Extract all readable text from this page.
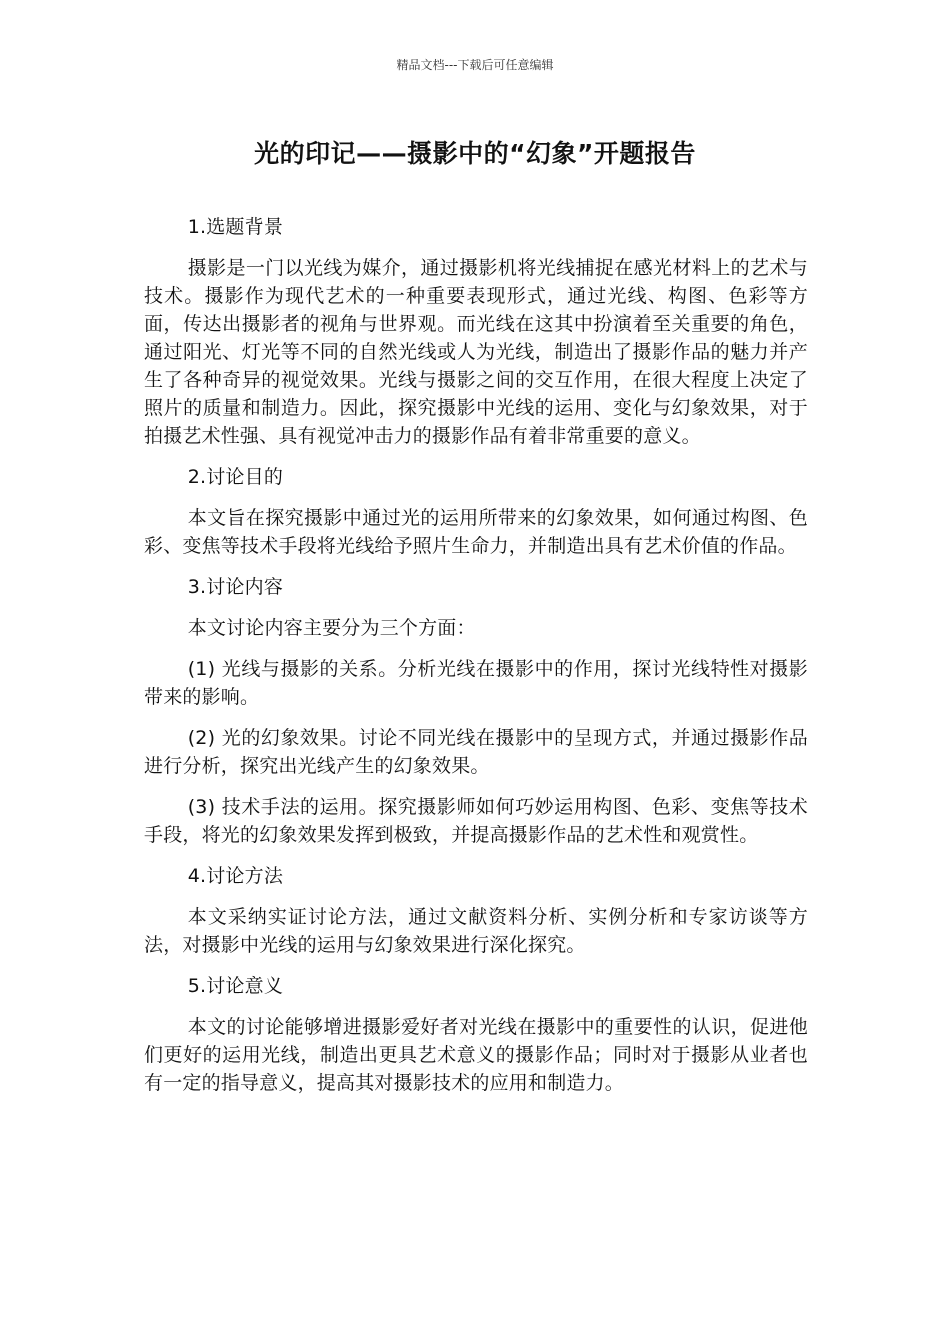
精品文档---下载后可任意编辑
光的印记——摄影中的“幻象”开题报告

1.选题背景

摄影是一门以光线为媒介，通过摄影机将光线捕捉在感光材料上的艺术与技术。摄影作为现代艺术的一种重要表现形式，通过光线、构图、色彩等方面，传达出摄影者的视角与世界观。而光线在这其中扮演着至关重要的角色，通过阳光、灯光等不同的自然光线或人为光线，制造出了摄影作品的魅力并产生了各种奇异的视觉效果。光线与摄影之间的交互作用，在很大程度上决定了照片的质量和制造力。因此，探究摄影中光线的运用、变化与幻象效果，对于拍摄艺术性强、具有视觉冲击力的摄影作品有着非常重要的意义。

2.讨论目的

本文旨在探究摄影中通过光的运用所带来的幻象效果，如何通过构图、色彩、变焦等技术手段将光线给予照片生命力，并制造出具有艺术价值的作品。

3.讨论内容

本文讨论内容主要分为三个方面：

(1) 光线与摄影的关系。分析光线在摄影中的作用，探讨光线特性对摄影带来的影响。

(2) 光的幻象效果。讨论不同光线在摄影中的呈现方式，并通过摄影作品进行分析，探究出光线产生的幻象效果。

(3) 技术手法的运用。探究摄影师如何巧妙运用构图、色彩、变焦等技术手段，将光的幻象效果发挥到极致，并提高摄影作品的艺术性和观赏性。

4.讨论方法

本文采纳实证讨论方法，通过文献资料分析、实例分析和专家访谈等方法，对摄影中光线的运用与幻象效果进行深化探究。

5.讨论意义

本文的讨论能够增进摄影爱好者对光线在摄影中的重要性的认识，促进他们更好的运用光线，制造出更具艺术意义的摄影作品；同时对于摄影从业者也有一定的指导意义，提高其对摄影技术的应用和制造力。
